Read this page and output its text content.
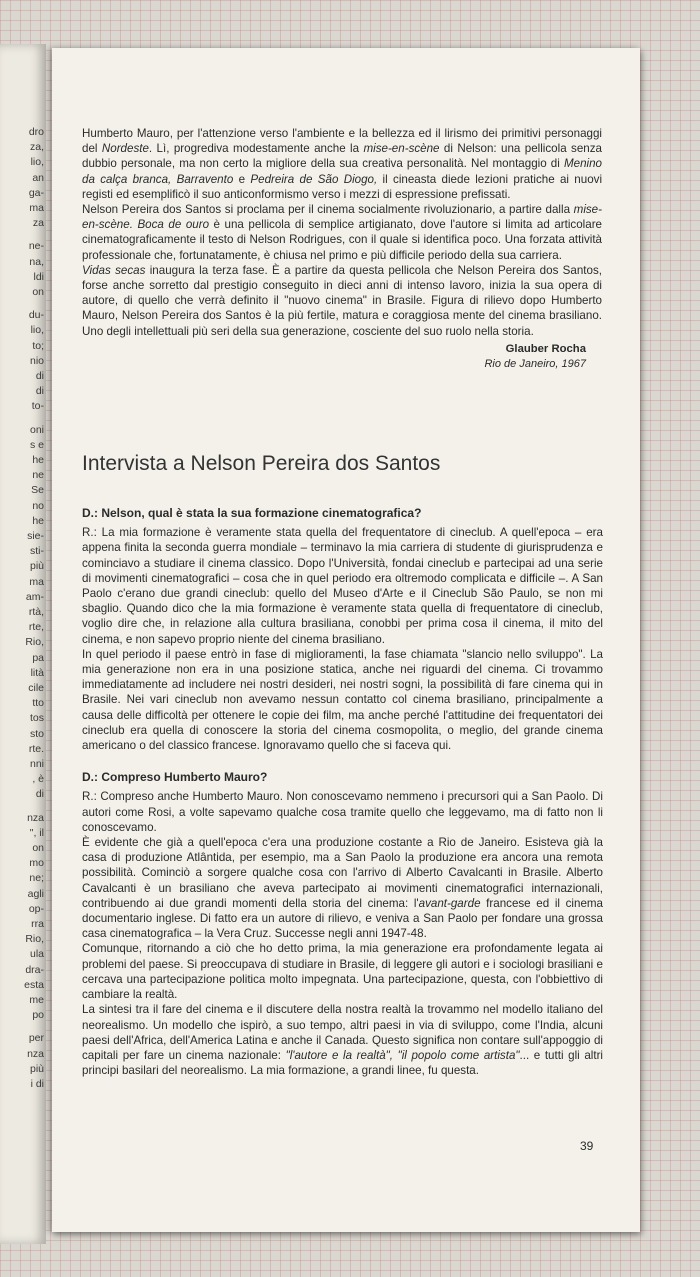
dro
za,
lio,
an
ga-
ma
za
ne-
na,
ldi
on
du-
lio,
to;
nio
di
di
to-
oni
s e
he
ne
Se
no
he
sie-
sti-
più
ma
am-
rtà,
rte,
Rio,
pa
lità
cile
tto
tos
sto
rte.
nni
, è
di
nza
", il
on
mo
ne;
agli
op-
rra
Rio,
ula
dra-
esta
me
po
per
nza
più
i di

Humberto Mauro, per l'attenzione verso l'ambiente e la bellezza ed il lirismo dei primitivi personaggi del Nordeste. Lì, progrediva modestamente anche la mise-en-scène di Nelson: una pellicola senza dubbio personale, ma non certo la migliore della sua creativa personalità. Nel montaggio di Menino da calça branca, Barravento e Pedreira de São Diogo, il cineasta diede lezioni pratiche ai nuovi registi ed esemplificò il suo anticonformismo verso i mezzi di espressione prefissati.

Nelson Pereira dos Santos si proclama per il cinema socialmente rivoluzionario, a partire dalla mise-en-scène. Boca de ouro è una pellicola di semplice artigianato, dove l'autore si limita ad articolare cinematograficamente il testo di Nelson Rodrigues, con il quale si identifica poco. Una forzata attività professionale che, fortunatamente, è chiusa nel primo e più difficile periodo della sua carriera.

Vidas secas inaugura la terza fase. È a partire da questa pellicola che Nelson Pereira dos Santos, forse anche sorretto dal prestigio conseguito in dieci anni di intenso lavoro, inizia la sua opera di autore, di quello che verrà definito il "nuovo cinema" in Brasile. Figura di rilievo dopo Humberto Mauro, Nelson Pereira dos Santos è la più fertile, matura e coraggiosa mente del cinema brasiliano. Uno degli intellettuali più seri della sua generazione, cosciente del suo ruolo nella storia.

Glauber Rocha
Rio de Janeiro, 1967
Intervista a Nelson Pereira dos Santos

D.: Nelson, qual è stata la sua formazione cinematografica?

R.: La mia formazione è veramente stata quella del frequentatore di cineclub. A quell'epoca – era appena finita la seconda guerra mondiale – terminavo la mia carriera di studente di giurisprudenza e cominciavo a studiare il cinema classico. Dopo l'Università, fondai cineclub e partecipai ad una serie di movimenti cinematografici – cosa che in quel periodo era oltremodo complicata e difficile –. A San Paolo c'erano due grandi cineclub: quello del Museo d'Arte e il Cineclub São Paulo, se non mi sbaglio. Quando dico che la mia formazione è veramente stata quella di frequentatore di cineclub, voglio dire che, in relazione alla cultura brasiliana, conobbi per prima cosa il cinema, il mito del cinema, e non sapevo proprio niente del cinema brasiliano.

In quel periodo il paese entrò in fase di miglioramenti, la fase chiamata "slancio nello sviluppo". La mia generazione non era in una posizione statica, anche nei riguardi del cinema. Ci trovammo immediatamente ad includere nei nostri desideri, nei nostri sogni, la possibilità di fare cinema qui in Brasile. Nei vari cineclub non avevamo nessun contatto col cinema brasiliano, principalmente a causa delle difficoltà per ottenere le copie dei film, ma anche perché l'attitudine dei frequentatori dei cineclub era quella di conoscere la storia del cinema cosmopolita, o meglio, del grande cinema americano o del classico francese. Ignoravamo quello che si faceva qui.

D.: Compreso Humberto Mauro?

R.: Compreso anche Humberto Mauro. Non conoscevamo nemmeno i precursori qui a San Paolo. Di autori come Rosi, a volte sapevamo qualche cosa tramite quello che leggevamo, ma di fatto non li conoscevamo.

È evidente che già a quell'epoca c'era una produzione costante a Rio de Janeiro. Esisteva già la casa di produzione Atlântida, per esempio, ma a San Paolo la produzione era ancora una remota possibilità. Cominciò a sorgere qualche cosa con l'arrivo di Alberto Cavalcanti in Brasile. Alberto Cavalcanti è un brasiliano che aveva partecipato ai movimenti cinematografici internazionali, contribuendo ai due grandi momenti della storia del cinema: l'avant-garde francese ed il cinema documentario inglese. Di fatto era un autore di rilievo, e veniva a San Paolo per fondare una grossa casa cinematografica – la Vera Cruz. Successe negli anni 1947-48.

Comunque, ritornando a ciò che ho detto prima, la mia generazione era profondamente legata ai problemi del paese. Si preoccupava di studiare in Brasile, di leggere gli autori e i sociologi brasiliani e cercava una partecipazione politica molto impegnata. Una partecipazione, questa, con l'obbiettivo di cambiare la realtà.

La sintesi tra il fare del cinema e il discutere della nostra realtà la trovammo nel modello italiano del neorealismo. Un modello che ispirò, a suo tempo, altri paesi in via di sviluppo, come l'India, alcuni paesi dell'Africa, dell'America Latina e anche il Canada. Questo significa non contare sull'appoggio di capitali per fare un cinema nazionale: "l'autore e la realtà", "il popolo come artista"... e tutti gli altri principi basilari del neorealismo. La mia formazione, a grandi linee, fu questa.

39
